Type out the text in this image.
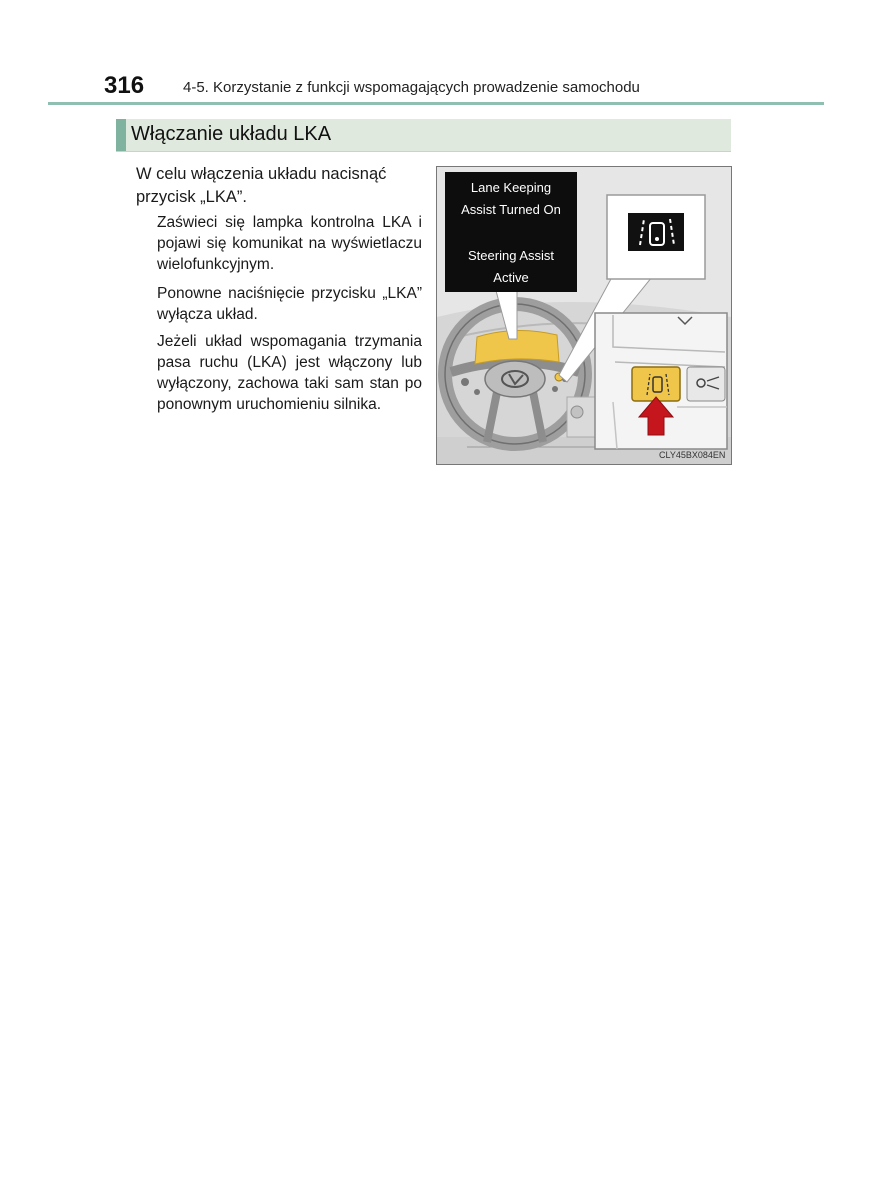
316	4-5. Korzystanie z funkcji wspomagających prowadzenie samochodu
Włączanie układu LKA
W celu włączenia układu nacisnąć przycisk „LKA”.
Zaświeci się lampka kontrolna LKA i pojawi się komunikat na wyświetlaczu wielofunkcyjnym.
Ponowne naciśnięcie przycisku „LKA” wyłącza układ.
Jeżeli układ wspomagania trzymania pasa ruchu (LKA) jest włączony lub wyłączony, zachowa taki sam stan po ponownym uruchomieniu silnika.
Lane Keeping
Assist Turned On
Steering Assist
Active
CLY45BX084EN
